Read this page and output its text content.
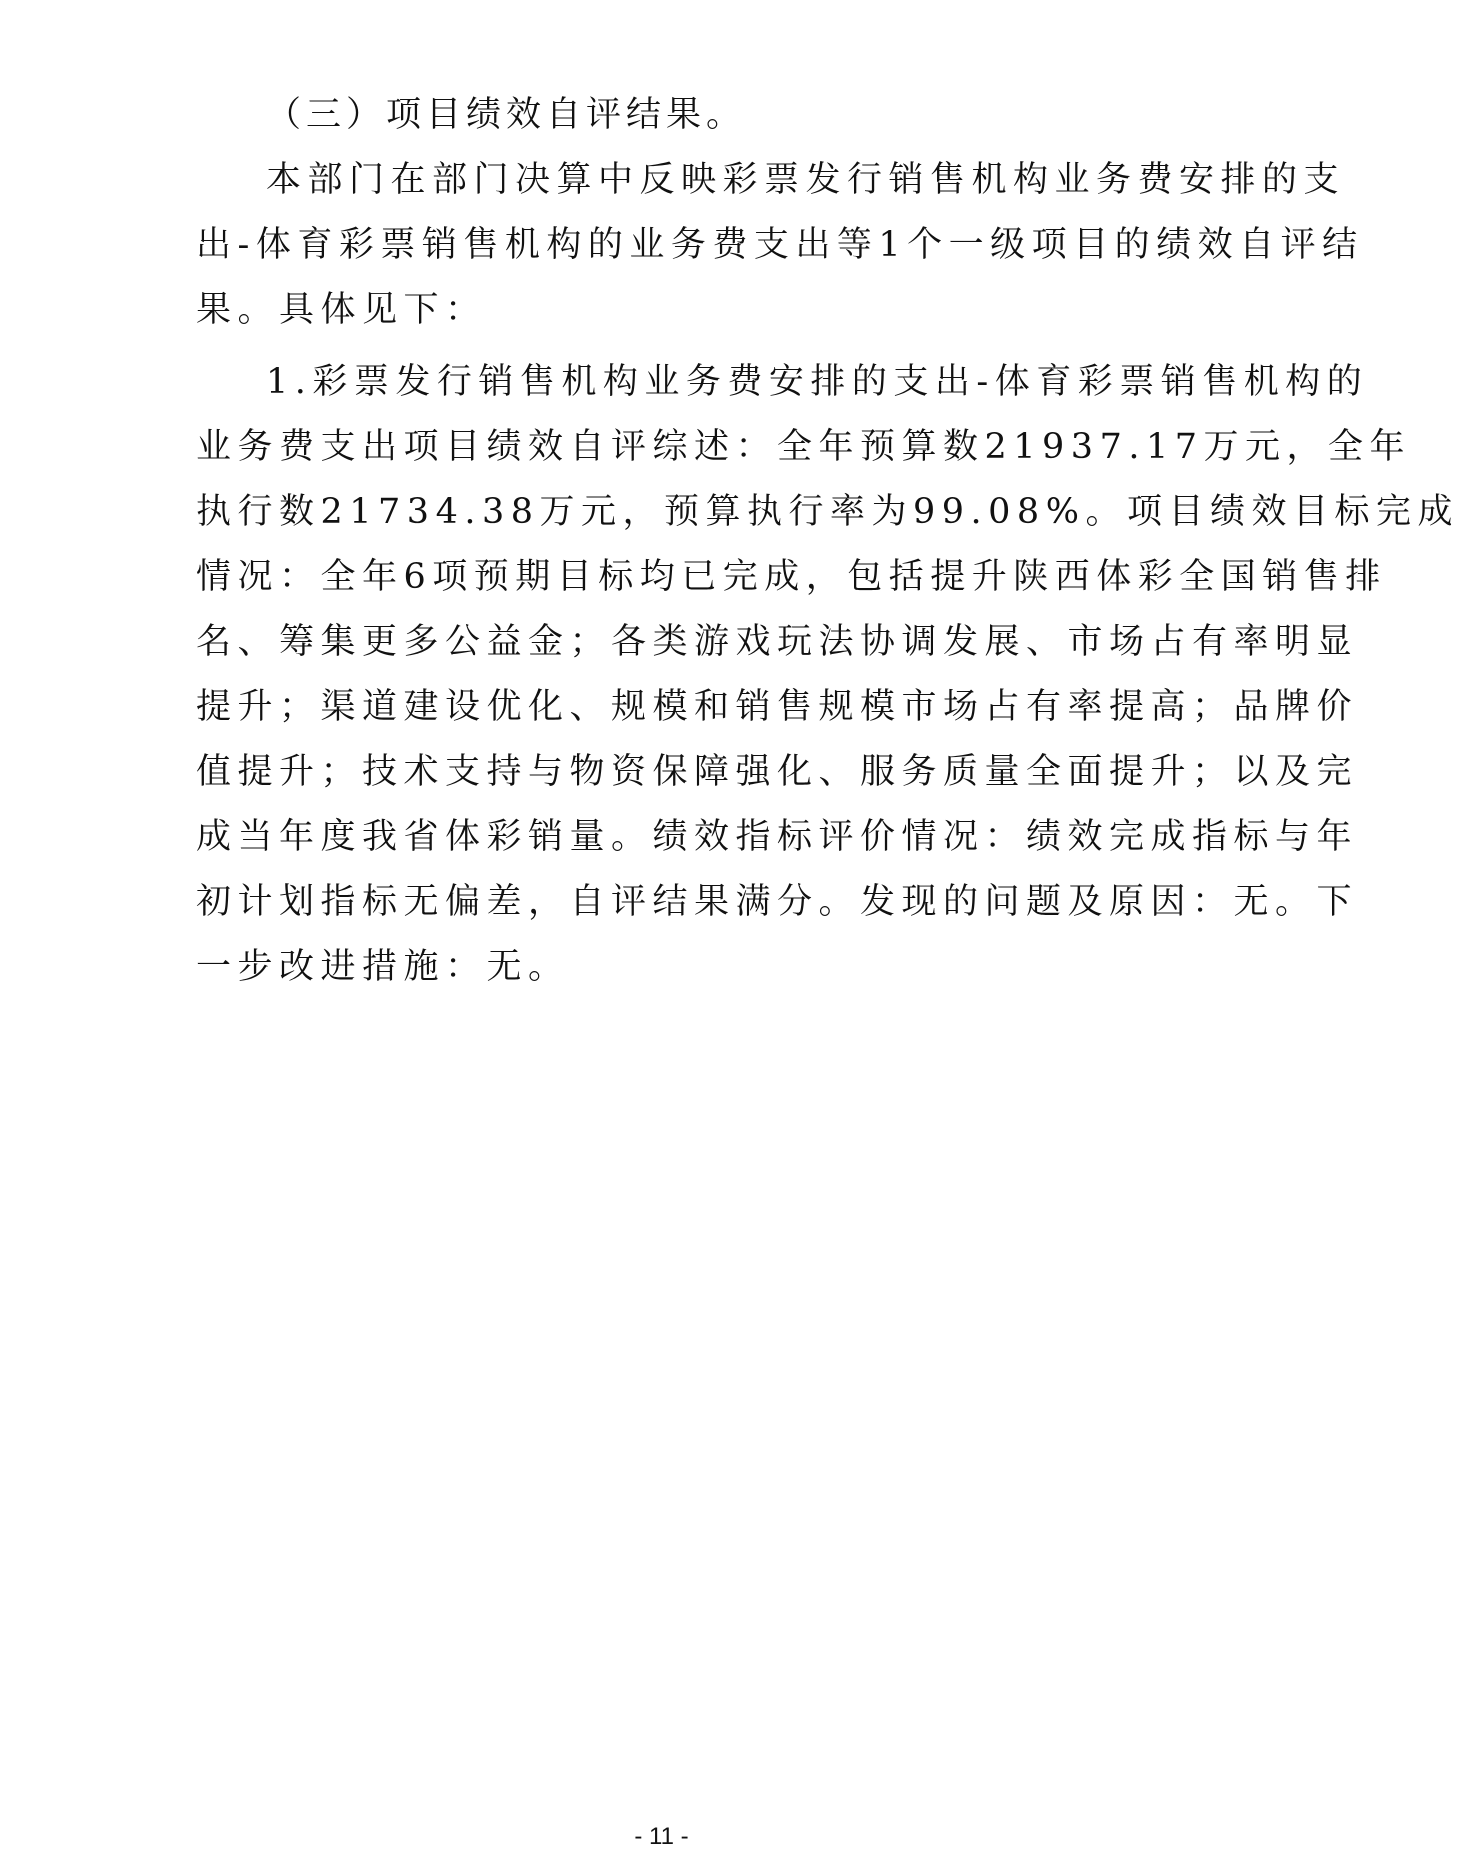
（三）项目绩效自评结果。
本部门在部门决算中反映彩票发行销售机构业务费安排的支
出-体育彩票销售机构的业务费支出等1个一级项目的绩效自评结
果。具体见下：
1.彩票发行销售机构业务费安排的支出-体育彩票销售机构的
业务费支出项目绩效自评综述：全年预算数21937.17万元，全年
执行数21734.38万元，预算执行率为99.08%。项目绩效目标完成
情况：全年6项预期目标均已完成，包括提升陕西体彩全国销售排
名、筹集更多公益金；各类游戏玩法协调发展、市场占有率明显
提升；渠道建设优化、规模和销售规模市场占有率提高；品牌价
值提升；技术支持与物资保障强化、服务质量全面提升；以及完
成当年度我省体彩销量。绩效指标评价情况：绩效完成指标与年
初计划指标无偏差，自评结果满分。发现的问题及原因：无。下
一步改进措施：无。
- 11 -
